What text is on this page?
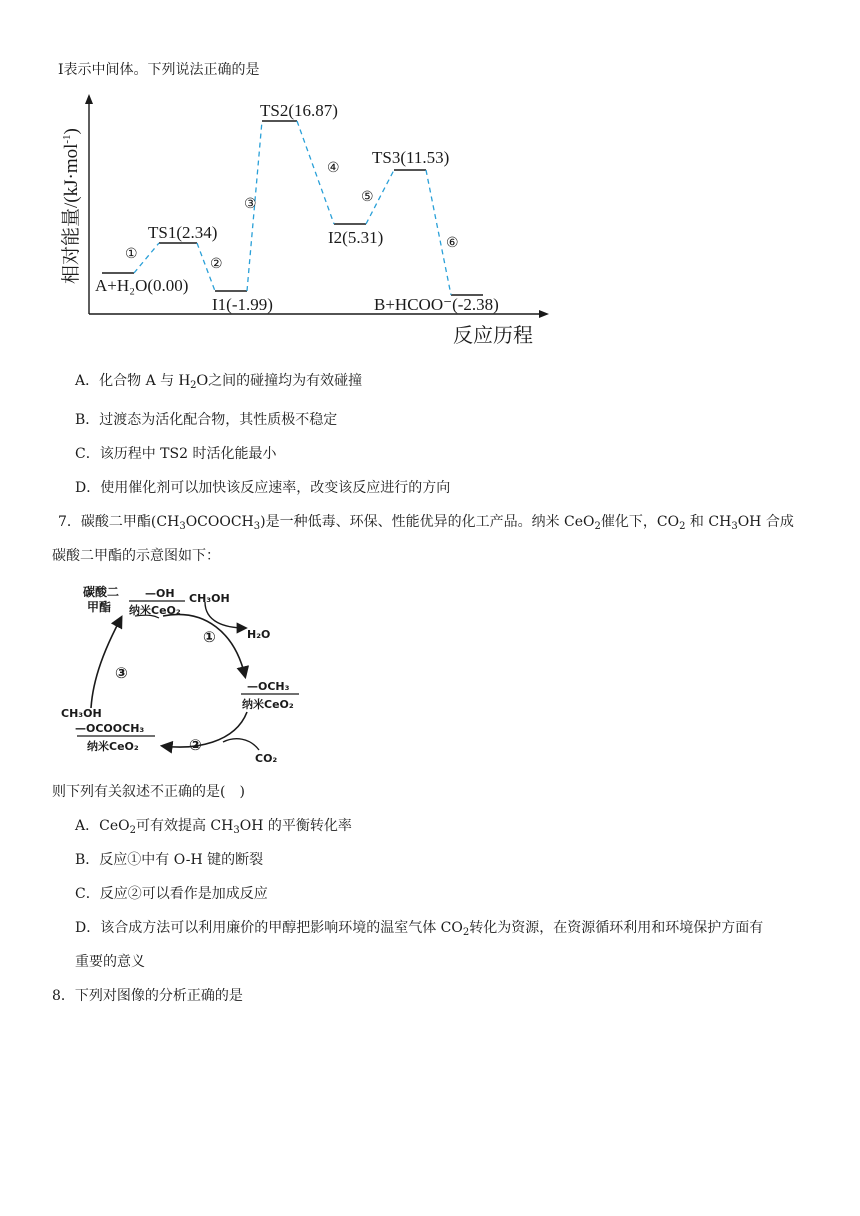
Ⅰ表示中间体。下列说法正确的是
相对能量/(kJ·mol$^{-1}$)
反应历程
①
②
③
④
⑤
⑥
A+H₂O(0.00)
TS1(2.34)
I1(-1.99)
TS2(16.87)
I2(5.31)
TS3(11.53)
B+HCOO⁻(-2.38)
A．化合物 A 与 $H_2O$之间的碰撞均为有效碰撞
B．过渡态为活化配合物，其性质极不稳定
C．该历程中 TS2 时活化能最小
D．使用催化剂可以加快该反应速率，改变该反应进行的方向
7．碳酸二甲酯$(CH_3OCOOCH_3)$是一种低毒、环保、性能优异的化工产品。纳米 CeO$_2$催化下，$CO_2$ 和 $CH_3OH$ 合成
碳酸二甲酯的示意图如下：
碳酸二
甲酯
—OH
纳米CeO₂
CH₃OH
H₂O
—OCH₃
纳米CeO₂
CO₂
CH₃OH
—OCOOCH₃
纳米CeO₂
①
②
③
则下列有关叙述不正确的是(　)
A．CeO$_2$可有效提高 $CH_3OH$ 的平衡转化率
B．反应①中有 O-H 键的断裂
C．反应②可以看作是加成反应
D．该合成方法可以利用廉价的甲醇把影响环境的温室气体 $CO_2$转化为资源，在资源循环利用和环境保护方面有
重要的意义
8．下列对图像的分析正确的是
